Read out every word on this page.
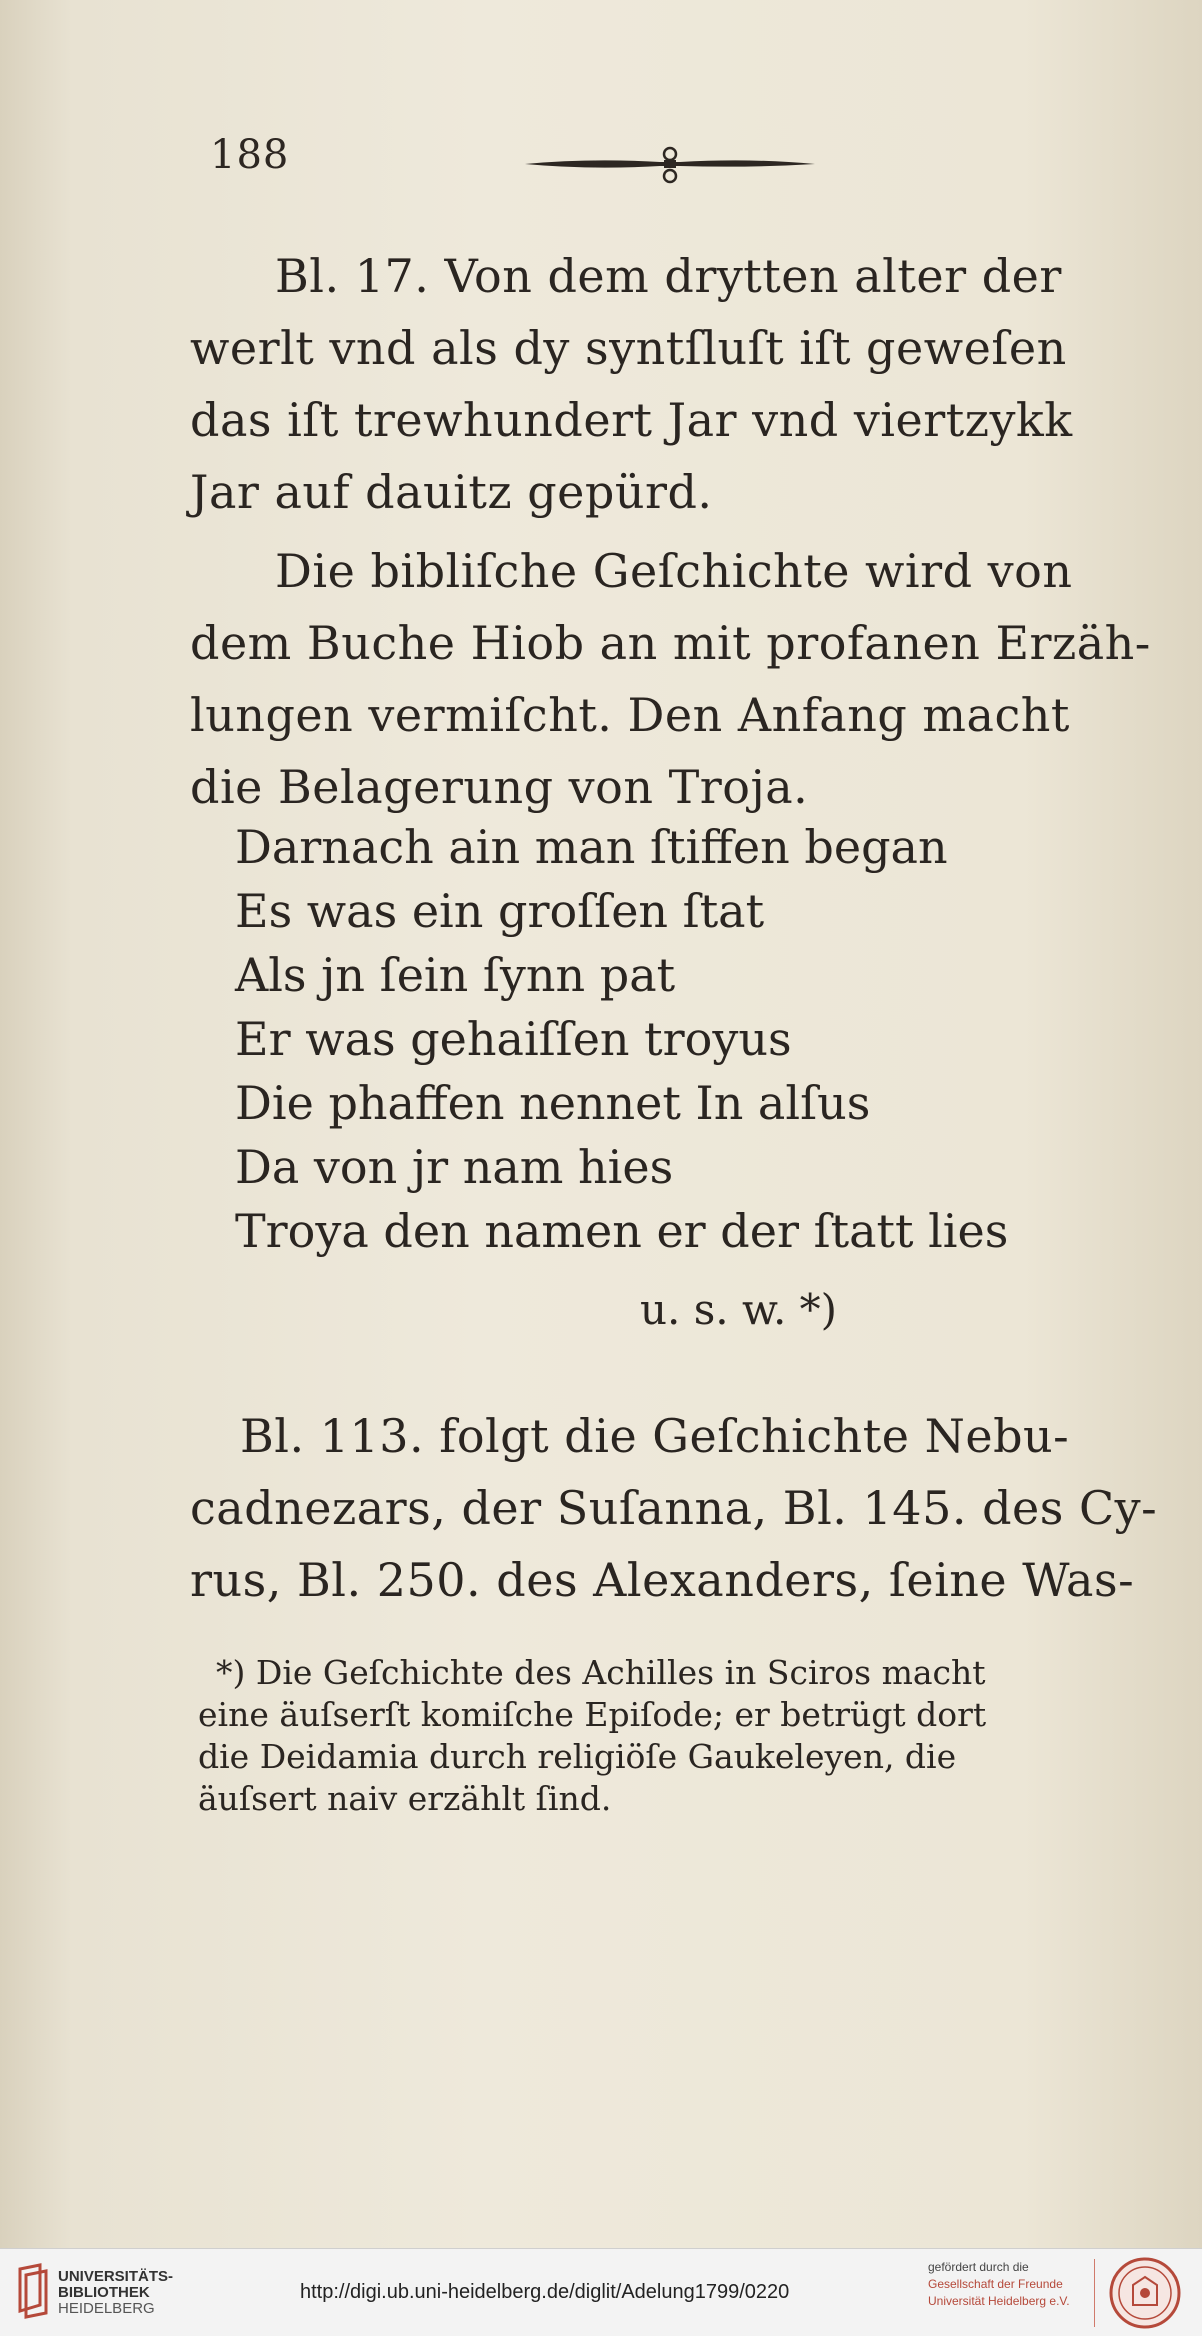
188
Bl. 17. Von dem drytten alter der
werlt vnd als dy syntſluſt iſt geweſen
das iſt trewhundert Jar vnd viertzykk
Jar auf dauitz gepürd.
Die bibliſche Geſchichte wird von
dem Buche Hiob an mit profanen Erzäh-
lungen vermiſcht. Den Anfang macht
die Belagerung von Troja.
Darnach ain man ſtiffen began
Es was ein groſſen ſtat
Als jn ſein ſynn pat
Er was gehaiſſen troyus
Die phaffen nennet In alſus
Da von jr nam hies
Troya den namen er der ſtatt lies
u. s. w. *)
Bl. 113. folgt die Geſchichte Nebu-
cadnezars, der Suſanna, Bl. 145. des Cy-
rus, Bl. 250. des Alexanders, ſeine Was-
*) Die Geſchichte des Achilles in Sciros macht
eine äuſserſt komiſche Epiſode; er betrügt dort
die Deidamia durch religiöſe Gaukeleyen, die
äuſsert naiv erzählt ſind.
UNIVERSITÄTS-
BIBLIOTHEK
HEIDELBERG
http://digi.ub.uni-heidelberg.de/diglit/Adelung1799/0220
gefördert durch die
Gesellschaft der Freunde
Universität Heidelberg e.V.
